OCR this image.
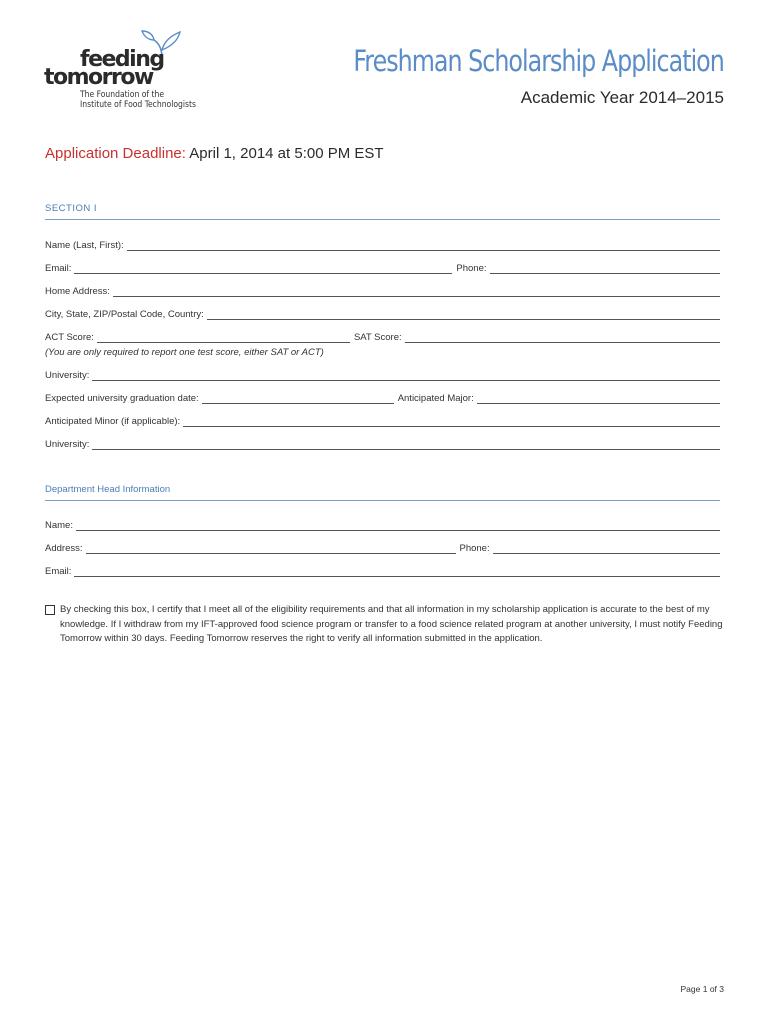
feeding
tomorrow
The Foundation of the
Institute of Food Technologists
Freshman Scholarship Application
Academic Year 2014–2015
Application Deadline: April 1, 2014 at 5:00 PM EST
SECTION I
Name (Last, First):
Email:	Phone:
Home Address:
City, State, ZIP/Postal Code, Country:
ACT Score:	SAT Score:
(You are only required to report one test score, either SAT or ACT)
University:
Expected university graduation date:	Anticipated Major:
Anticipated Minor (if applicable):
University:
Department Head Information
Name:
Address:	Phone:
Email:
By checking this box, I certify that I meet all of the eligibility requirements and that all information in my scholarship application is accurate to the best of my knowledge. If I withdraw from my IFT-approved food science program or transfer to a food science related program at another university, I must notify Feeding Tomorrow within 30 days. Feeding Tomorrow reserves the right to verify all information submitted in the application.
Page 1 of 3
